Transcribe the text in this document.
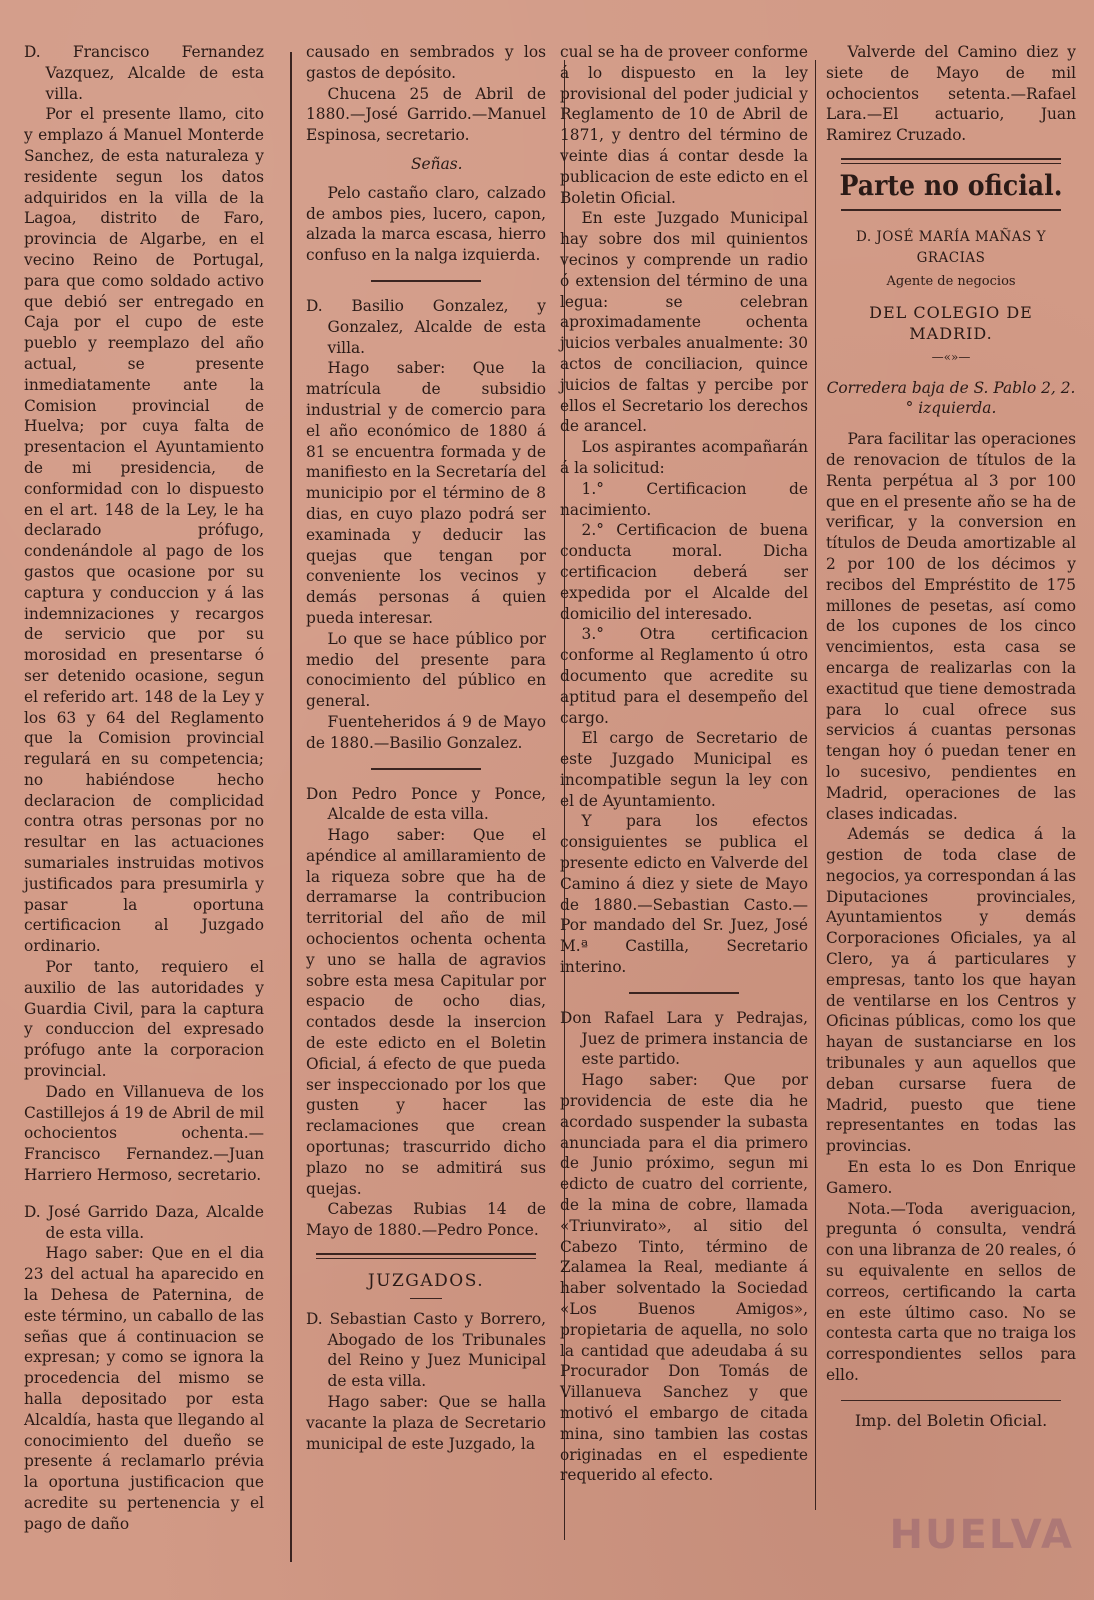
D. Francisco Fernandez Vazquez, Alcalde de esta villa.

Por el presente llamo, cito y emplazo á Manuel Monterde Sanchez, de esta naturaleza y residente segun los datos adquiridos en la villa de la Lagoa, distrito de Faro, provincia de Algarbe, en el vecino Reino de Portugal, para que como soldado activo que debió ser entregado en Caja por el cupo de este pueblo y reemplazo del año actual, se presente inmediatamente ante la Comision provincial de Huelva; por cuya falta de presentacion el Ayuntamiento de mi presidencia, de conformidad con lo dispuesto en el art. 148 de la Ley, le ha declarado prófugo, condenándole al pago de los gastos que ocasione por su captura y conduccion y á las indemnizaciones y recargos de servicio que por su morosidad en presentarse ó ser detenido ocasione, segun el referido art. 148 de la Ley y los 63 y 64 del Reglamento que la Comision provincial regulará en su competencia; no habiéndose hecho declaracion de complicidad contra otras personas por no resultar en las actuaciones sumariales instruidas motivos justificados para presumirla y pasar la oportuna certificacion al Juzgado ordinario.

Por tanto, requiero el auxilio de las autoridades y Guardia Civil, para la captura y conduccion del expresado prófugo ante la corporacion provincial.

Dado en Villanueva de los Castillejos á 19 de Abril de mil ochocientos ochenta.—Francisco Fernandez.—Juan Harriero Hermoso, secretario.

D. José Garrido Daza, Alcalde de esta villa.

Hago saber: Que en el dia 23 del actual ha aparecido en la Dehesa de Paternina, de este término, un caballo de las señas que á continuacion se expresan; y como se ignora la procedencia del mismo se halla depositado por esta Alcaldía, hasta que llegando al conocimiento del dueño se presente á reclamarlo prévia la oportuna justificacion que acredite su pertenencia y el pago de daño

causado en sembrados y los gastos de depósito.

Chucena 25 de Abril de 1880.—José Garrido.—Manuel Espinosa, secretario.

Señas.

Pelo castaño claro, calzado de ambos pies, lucero, capon, alzada la marca escasa, hierro confuso en la nalga izquierda.

D. Basilio Gonzalez, y Gonzalez, Alcalde de esta villa.

Hago saber: Que la matrícula de subsidio industrial y de comercio para el año económico de 1880 á 81 se encuentra formada y de manifiesto en la Secretaría del municipio por el término de 8 dias, en cuyo plazo podrá ser examinada y deducir las quejas que tengan por conveniente los vecinos y demás personas á quien pueda interesar.

Lo que se hace público por medio del presente para conocimiento del público en general.

Fuenteheridos á 9 de Mayo de 1880.—Basilio Gonzalez.

Don Pedro Ponce y Ponce, Alcalde de esta villa.

Hago saber: Que el apéndice al amillaramiento de la riqueza sobre que ha de derramarse la contribucion territorial del año de mil ochocientos ochenta ochenta y uno se halla de agravios sobre esta mesa Capitular por espacio de ocho dias, contados desde la insercion de este edicto en el Boletin Oficial, á efecto de que pueda ser inspeccionado por los que gusten y hacer las reclamaciones que crean oportunas; trascurrido dicho plazo no se admitirá sus quejas.

Cabezas Rubias 14 de Mayo de 1880.—Pedro Ponce.

JUZGADOS.

D. Sebastian Casto y Borrero, Abogado de los Tribunales del Reino y Juez Municipal de esta villa.

Hago saber: Que se halla vacante la plaza de Secretario municipal de este Juzgado, la

cual se ha de proveer conforme á lo dispuesto en la ley provisional del poder judicial y Reglamento de 10 de Abril de 1871, y dentro del término de veinte dias á contar desde la publicacion de este edicto en el Boletin Oficial.

En este Juzgado Municipal hay sobre dos mil quinientos vecinos y comprende un radio ó extension del término de una legua: se celebran aproximadamente ochenta juicios verbales anualmente: 30 actos de conciliacion, quince juicios de faltas y percibe por ellos el Secretario los derechos de arancel.

Los aspirantes acompañarán á la solicitud:

1.° Certificacion de nacimiento.

2.° Certificacion de buena conducta moral. Dicha certificacion deberá ser expedida por el Alcalde del domicilio del interesado.

3.° Otra certificacion conforme al Reglamento ú otro documento que acredite su aptitud para el desempeño del cargo.

El cargo de Secretario de este Juzgado Municipal es incompatible segun la ley con el de Ayuntamiento.

Y para los efectos consiguientes se publica el presente edicto en Valverde del Camino á diez y siete de Mayo de 1880.—Sebastian Casto.—Por mandado del Sr. Juez, José M.ª Castilla, Secretario interino.

Don Rafael Lara y Pedrajas, Juez de primera instancia de este partido.

Hago saber: Que por providencia de este dia he acordado suspender la subasta anunciada para el dia primero de Junio próximo, segun mi edicto de cuatro del corriente, de la mina de cobre, llamada «Triunvirato», al sitio del Cabezo Tinto, término de Zalamea la Real, mediante á haber solventado la Sociedad «Los Buenos Amigos», propietaria de aquella, no solo la cantidad que adeudaba á su Procurador Don Tomás de Villanueva Sanchez y que motivó el embargo de citada mina, sino tambien las costas originadas en el espediente requerido al efecto.

Valverde del Camino diez y siete de Mayo de mil ochocientos setenta.—Rafael Lara.—El actuario, Juan Ramirez Cruzado.

Parte no oficial.
D. JOSÉ MARÍA MAÑAS Y GRACIAS
Agente de negocios
DEL COLEGIO DE MADRID.
—«»—
Corredera baja de S. Pablo 2, 2.° izquierda.

Para facilitar las operaciones de renovacion de títulos de la Renta perpétua al 3 por 100 que en el presente año se ha de verificar, y la conversion en títulos de Deuda amortizable al 2 por 100 de los décimos y recibos del Empréstito de 175 millones de pesetas, así como de los cupones de los cinco vencimientos, esta casa se encarga de realizarlas con la exactitud que tiene demostrada para lo cual ofrece sus servicios á cuantas personas tengan hoy ó puedan tener en lo sucesivo, pendientes en Madrid, operaciones de las clases indicadas.

Además se dedica á la gestion de toda clase de negocios, ya correspondan á las Diputaciones provinciales, Ayuntamientos y demás Corporaciones Oficiales, ya al Clero, ya á particulares y empresas, tanto los que hayan de ventilarse en los Centros y Oficinas públicas, como los que hayan de sustanciarse en los tribunales y aun aquellos que deban cursarse fuera de Madrid, puesto que tiene representantes en todas las provincias.

En esta lo es Don Enrique Gamero.

Nota.—Toda averiguacion, pregunta ó consulta, vendrá con una libranza de 20 reales, ó su equivalente en sellos de correos, certificando la carta en este último caso. No se contesta carta que no traiga los correspondientes sellos para ello.

Imp. del Boletin Oficial.
HUELVA
